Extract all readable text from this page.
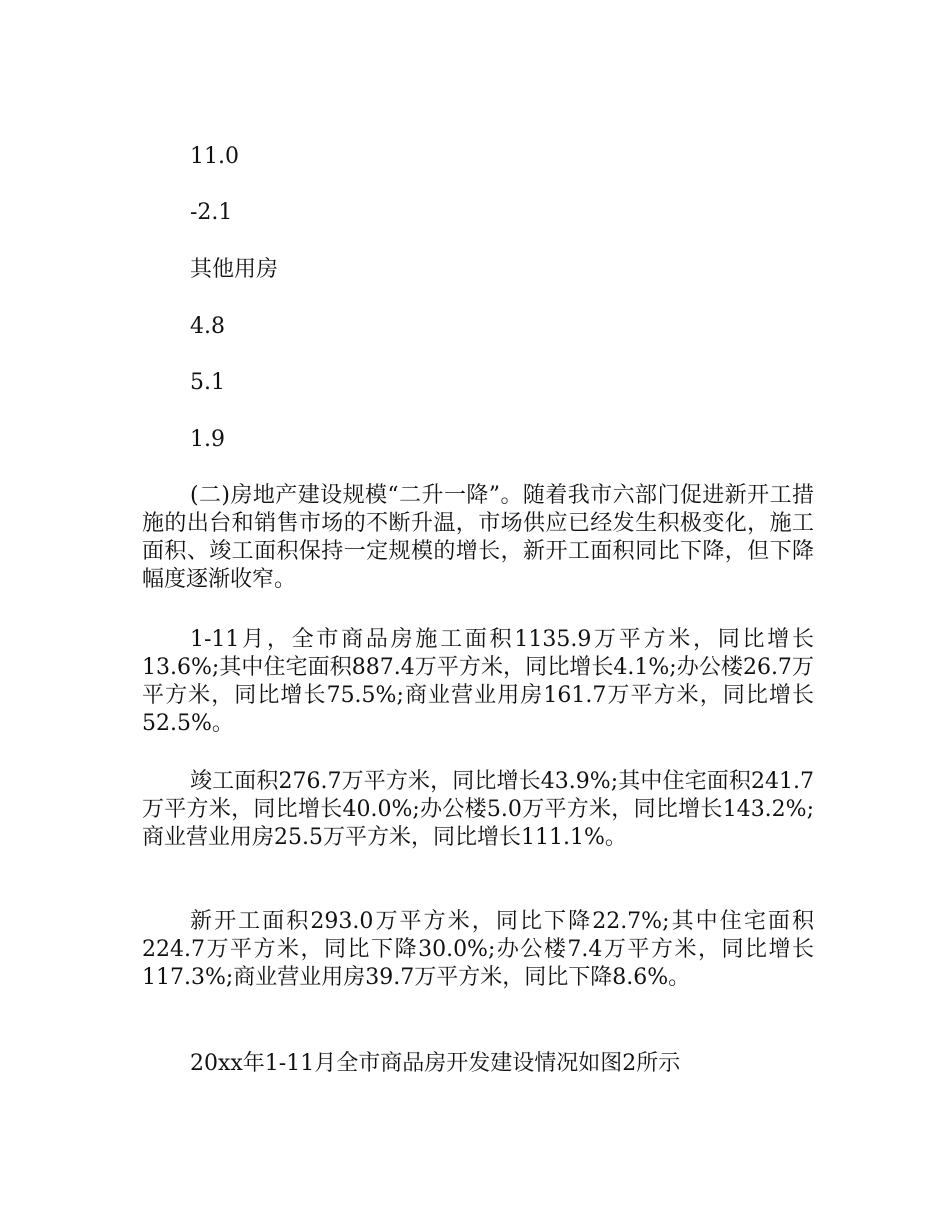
11.0
-2.1
其他用房
4.8
5.1
1.9

(二)房地产建设规模“二升一降”。随着我市六部门促进新开工措施的出台和销售市场的不断升温，市场供应已经发生积极变化，施工面积、竣工面积保持一定规模的增长，新开工面积同比下降，但下降幅度逐渐收窄。

1-11月，全市商品房施工面积1135.9万平方米，同比增长13.6%;其中住宅面积887.4万平方米，同比增长4.1%;办公楼26.7万平方米，同比增长75.5%;商业营业用房161.7万平方米，同比增长52.5%。

竣工面积276.7万平方米，同比增长43.9%;其中住宅面积241.7万平方米，同比增长40.0%;办公楼5.0万平方米，同比增长143.2%;商业营业用房25.5万平方米，同比增长111.1%。

新开工面积293.0万平方米，同比下降22.7%;其中住宅面积224.7万平方米，同比下降30.0%;办公楼7.4万平方米，同比增长117.3%;商业营业用房39.7万平方米，同比下降8.6%。

20xx年1-11月全市商品房开发建设情况如图2所示
